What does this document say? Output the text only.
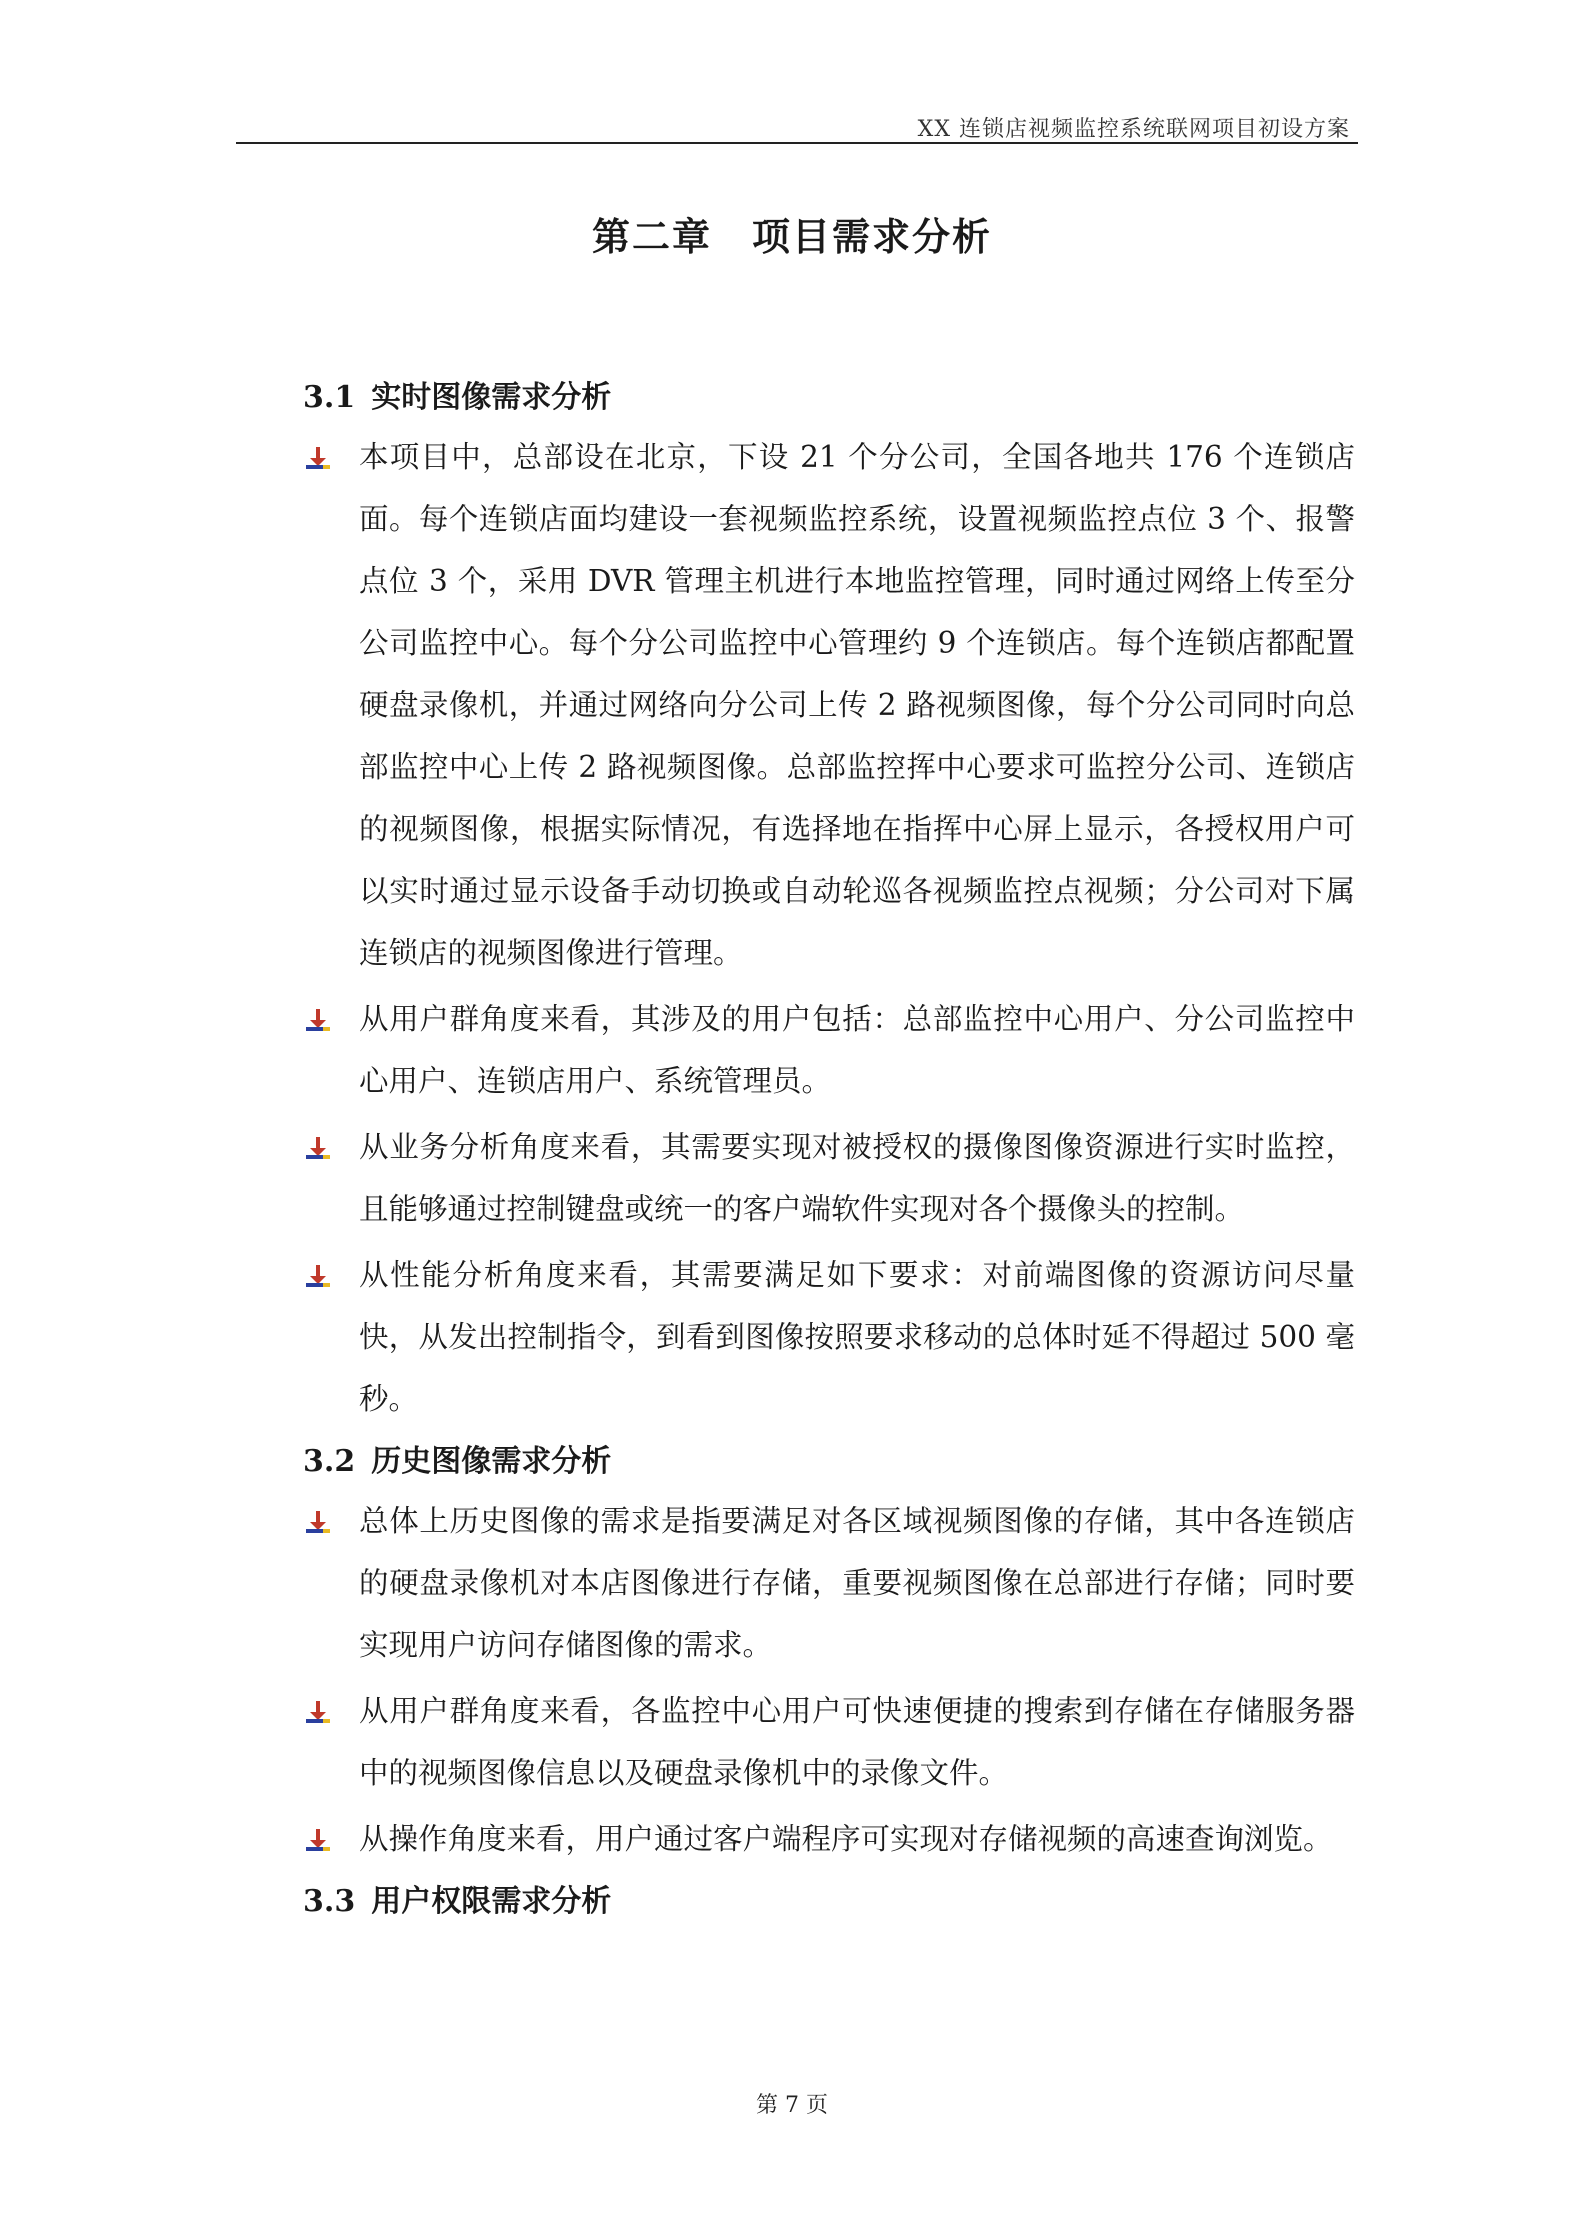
XX 连锁店视频监控系统联网项目初设方案
第二章　项目需求分析
3.1 实时图像需求分析
本项目中，总部设在北京，下设 21 个分公司，全国各地共 176 个连锁店面。每个连锁店面均建设一套视频监控系统，设置视频监控点位 3 个、报警点位 3 个，采用 DVR 管理主机进行本地监控管理，同时通过网络上传至分公司监控中心。每个分公司监控中心管理约 9 个连锁店。每个连锁店都配置硬盘录像机，并通过网络向分公司上传 2 路视频图像，每个分公司同时向总部监控中心上传 2 路视频图像。总部监控挥中心要求可监控分公司、连锁店的视频图像，根据实际情况，有选择地在指挥中心屏上显示，各授权用户可以实时通过显示设备手动切换或自动轮巡各视频监控点视频；分公司对下属连锁店的视频图像进行管理。
从用户群角度来看，其涉及的用户包括：总部监控中心用户、分公司监控中心用户、连锁店用户、系统管理员。
从业务分析角度来看，其需要实现对被授权的摄像图像资源进行实时监控，且能够通过控制键盘或统一的客户端软件实现对各个摄像头的控制。
从性能分析角度来看，其需要满足如下要求：对前端图像的资源访问尽量快，从发出控制指令，到看到图像按照要求移动的总体时延不得超过 500 毫秒。
3.2 历史图像需求分析
总体上历史图像的需求是指要满足对各区域视频图像的存储，其中各连锁店的硬盘录像机对本店图像进行存储，重要视频图像在总部进行存储；同时要实现用户访问存储图像的需求。
从用户群角度来看，各监控中心用户可快速便捷的搜索到存储在存储服务器中的视频图像信息以及硬盘录像机中的录像文件。
从操作角度来看，用户通过客户端程序可实现对存储视频的高速查询浏览。
3.3 用户权限需求分析
第 7 页
